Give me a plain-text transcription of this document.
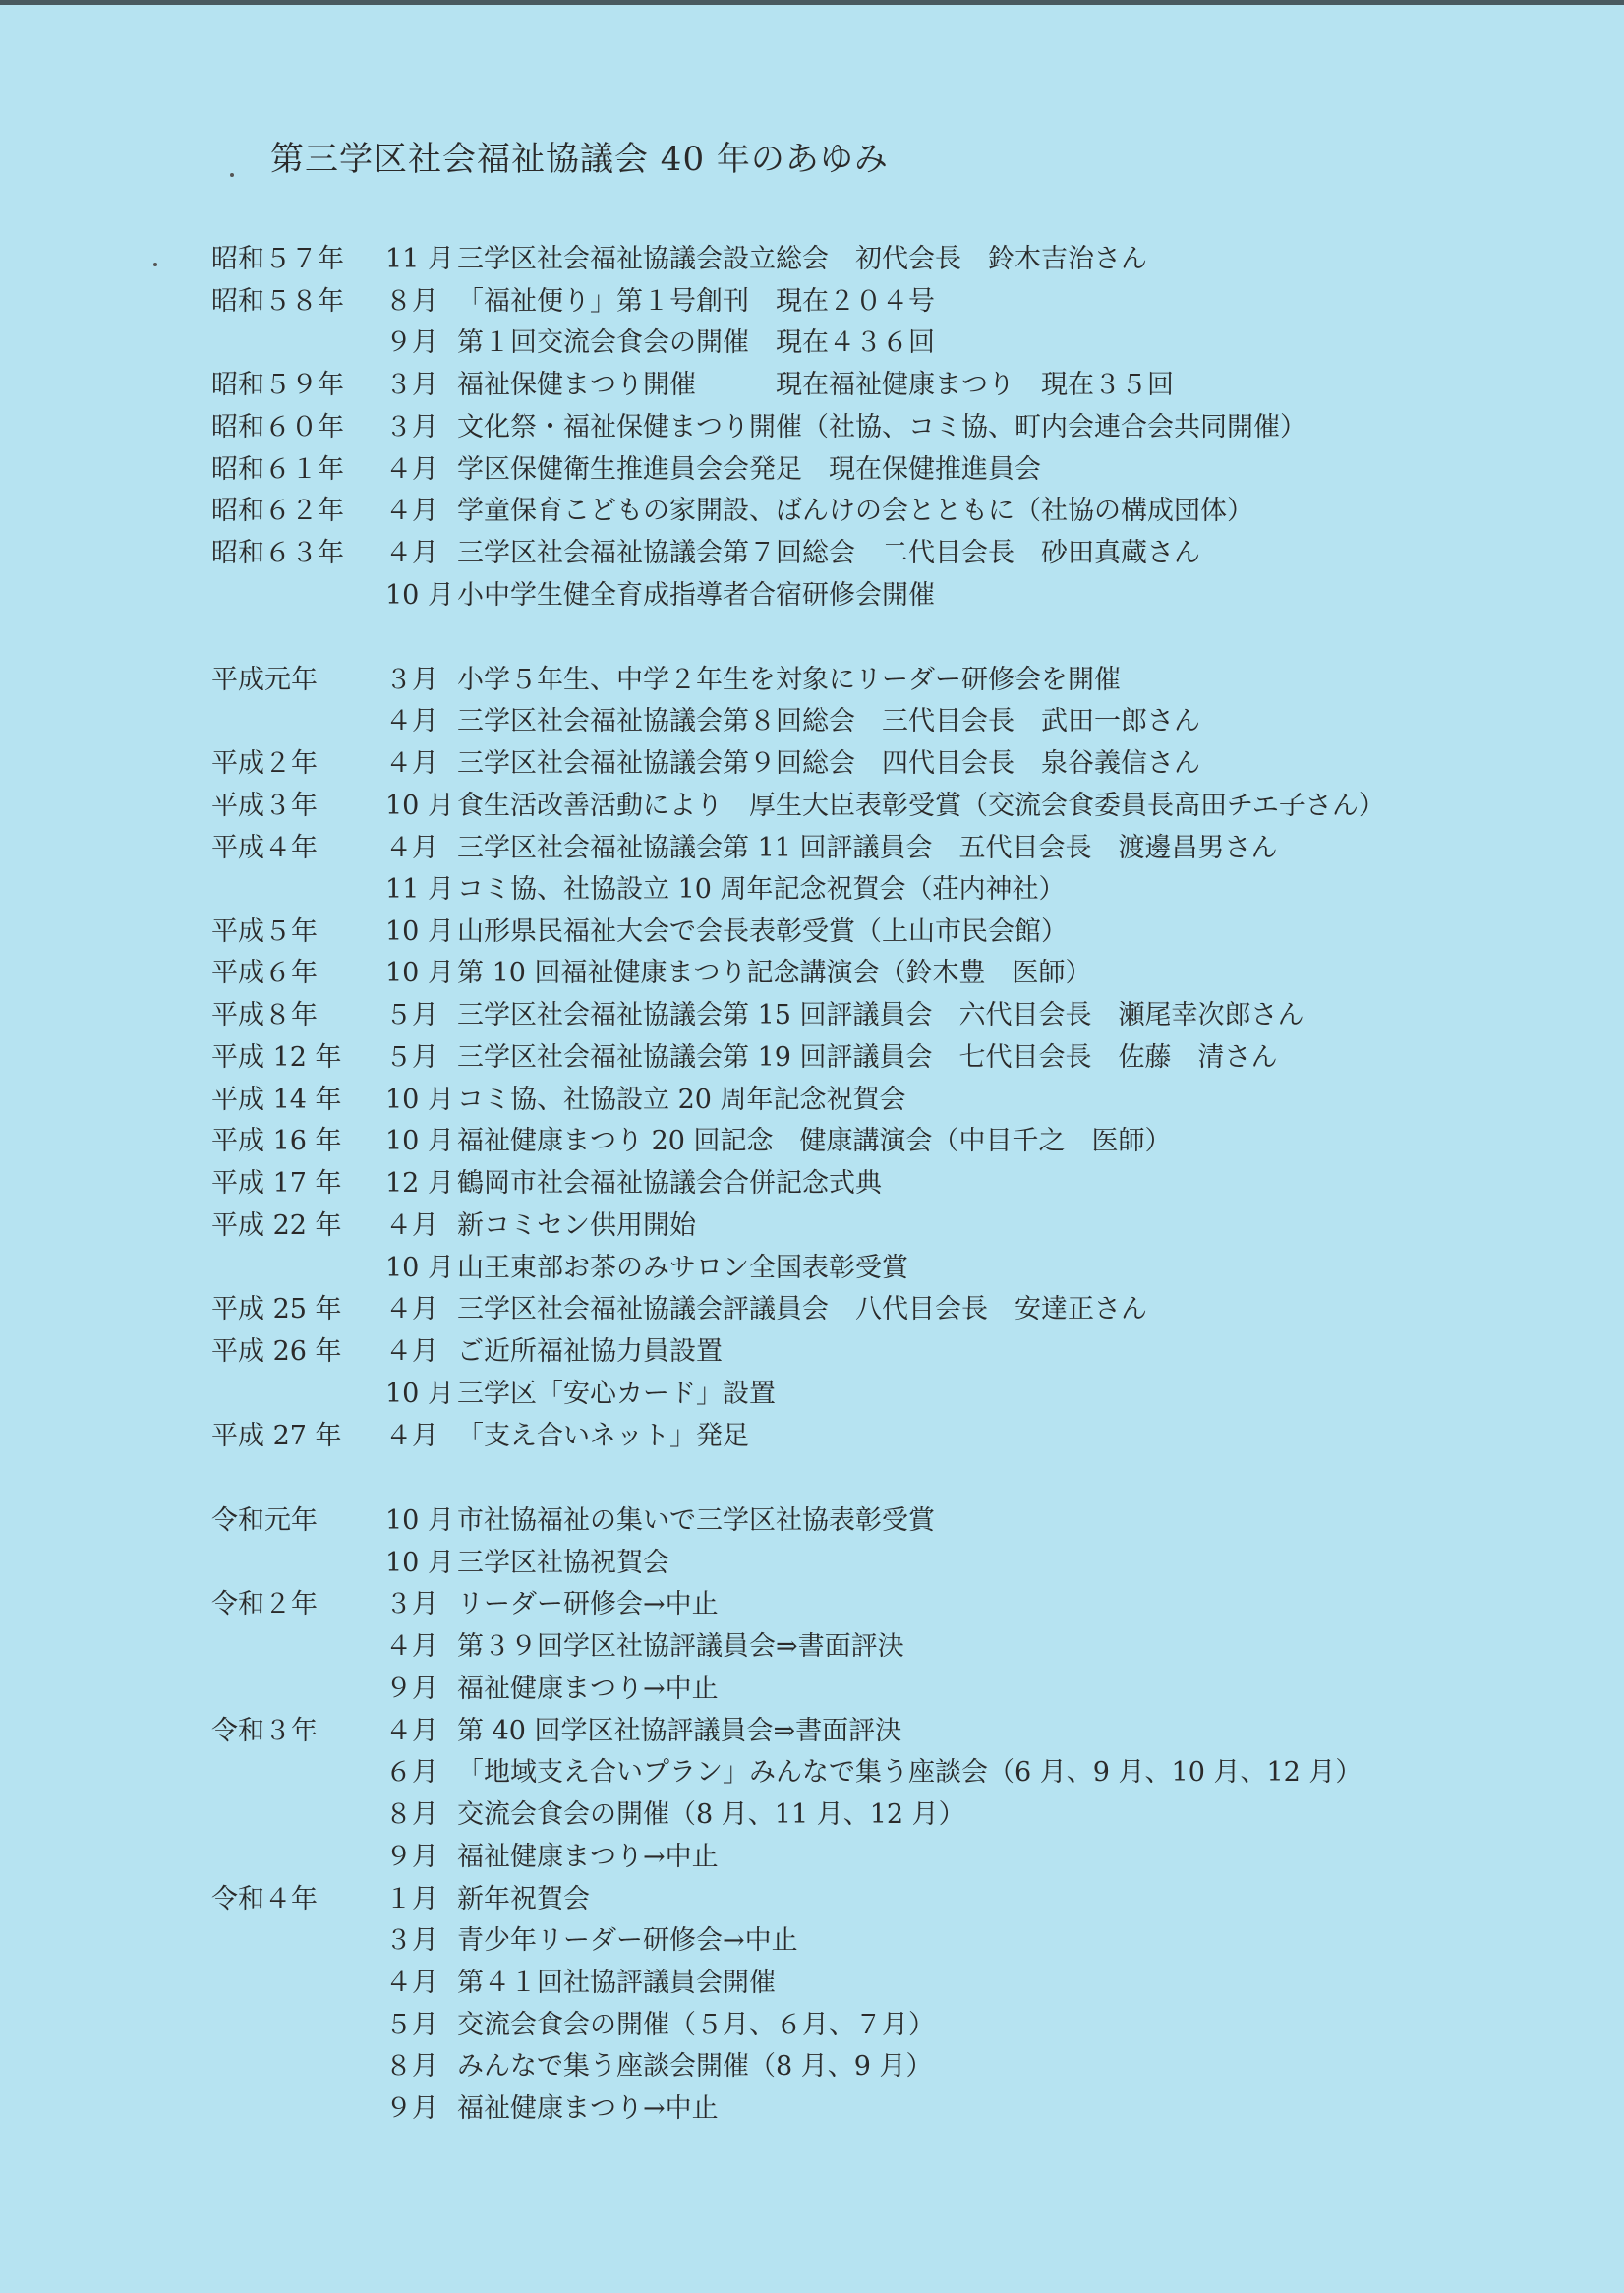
第三学区社会福祉協議会 40 年のあゆみ
昭和５７年 11 月 三学区社会福祉協議会設立総会　初代会長　鈴木吉治さん
昭和５８年 ８月 「福祉便り」第１号創刊　現在２０４号
９月 第１回交流会食会の開催　現在４３６回
昭和５９年 ３月 福祉保健まつり開催　　　現在福祉健康まつり　現在３５回
昭和６０年 ３月 文化祭・福祉保健まつり開催（社協、コミ協、町内会連合会共同開催）
昭和６１年 ４月 学区保健衛生推進員会会発足　現在保健推進員会
昭和６２年 ４月 学童保育こどもの家開設、ばんけの会とともに（社協の構成団体）
昭和６３年 ４月 三学区社会福祉協議会第７回総会　二代目会長　砂田真蔵さん
10 月 小中学生健全育成指導者合宿研修会開催
平成元年	３月 小学５年生、中学２年生を対象にリーダー研修会を開催
４月 三学区社会福祉協議会第８回総会　三代目会長　武田一郎さん
平成２年	４月 三学区社会福祉協議会第９回総会　四代目会長　泉谷義信さん
平成３年	10 月 食生活改善活動により　厚生大臣表彰受賞（交流会食委員長高田チエ子さん）
平成４年	４月 三学区社会福祉協議会第 11 回評議員会　五代目会長　渡邊昌男さん
11 月 コミ協、社協設立 10 周年記念祝賀会（荘内神社）
平成５年	10 月 山形県民福祉大会で会長表彰受賞（上山市民会館）
平成６年	10 月 第 10 回福祉健康まつり記念講演会（鈴木豊　医師）
平成８年	５月 三学区社会福祉協議会第 15 回評議員会　六代目会長　瀬尾幸次郎さん
平成 12 年 ５月 三学区社会福祉協議会第 19 回評議員会　七代目会長　佐藤　清さん
平成 14 年 10 月 コミ協、社協設立 20 周年記念祝賀会
平成 16 年 10 月 福祉健康まつり 20 回記念　健康講演会（中目千之　医師）
平成 17 年 12 月 鶴岡市社会福祉協議会合併記念式典
平成 22 年 ４月 新コミセン供用開始
10 月 山王東部お茶のみサロン全国表彰受賞
平成 25 年 ４月 三学区社会福祉協議会評議員会　八代目会長　安達正さん
平成 26 年 ４月 ご近所福祉協力員設置
10 月 三学区「安心カード」設置
平成 27 年 ４月 「支え合いネット」発足
令和元年	10 月 市社協福祉の集いで三学区社協表彰受賞
10 月 三学区社協祝賀会
令和２年	３月 リーダー研修会→中止
４月 第３９回学区社協評議員会⇒書面評決
９月 福祉健康まつり→中止
令和３年	４月 第 40 回学区社協評議員会⇒書面評決
６月 「地域支え合いプラン」みんなで集う座談会（6 月、9 月、10 月、12 月）
８月 交流会食会の開催（8 月、11 月、12 月）
９月 福祉健康まつり→中止
令和４年	１月 新年祝賀会
３月 青少年リーダー研修会→中止
４月 第４１回社協評議員会開催
５月 交流会食会の開催（５月、６月、７月）
８月 みんなで集う座談会開催（8 月、9 月）
９月 福祉健康まつり→中止
